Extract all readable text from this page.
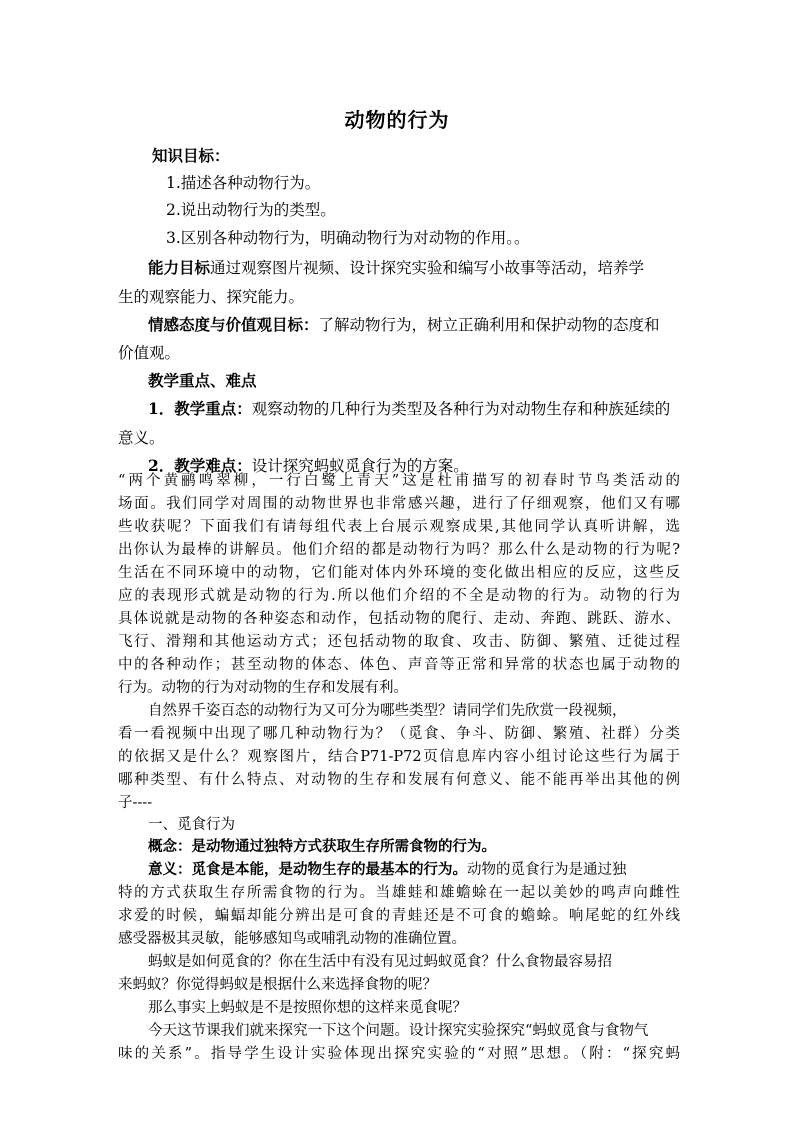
动物的行为
知识目标：
1.描述各种动物行为。
2.说出动物行为的类型。
3.区别各种动物行为，明确动物行为对动物的作用。。
能力目标通过观察图片视频、设计探究实验和编写小故事等活动，培养学
生的观察能力、探究能力。
情感态度与价值观目标：了解动物行为，树立正确利用和保护动物的态度和
价值观。
教学重点、难点
1．教学重点：观察动物的几种行为类型及各种行为对动物生存和种族延续的
意义。
2．教学难点：设计探究蚂蚁觅食行为的方案。
“两个黄鹂鸣翠柳，一行白鹭上青天”这是杜甫描写的初春时节鸟类活动的
场面。我们同学对周围的动物世界也非常感兴趣，进行了仔细观察，他们又有哪
些收获呢？下面我们有请每组代表上台展示观察成果,其他同学认真听讲解，选
出你认为最棒的讲解员。他们介绍的都是动物行为吗？那么什么是动物的行为呢?
生活在不同环境中的动物，它们能对体内外环境的变化做出相应的反应，这些反
应的表现形式就是动物的行为.所以他们介绍的不全是动物的行为。动物的行为
具体说就是动物的各种姿态和动作，包括动物的爬行、走动、奔跑、跳跃、游水、
飞行、滑翔和其他运动方式；还包括动物的取食、攻击、防御、繁殖、迁徙过程
中的各种动作；甚至动物的体态、体色、声音等正常和异常的状态也属于动物的
行为。动物的行为对动物的生存和发展有利。
自然界千姿百态的动物行为又可分为哪些类型？请同学们先欣赏一段视频，
看一看视频中出现了哪几种动物行为？（觅食、争斗、防御、繁殖、社群）分类
的依据又是什么？观察图片，结合P71-P72页信息库内容小组讨论这些行为属于
哪种类型、有什么特点、对动物的生存和发展有何意义、能不能再举出其他的例
子----
一、觅食行为
概念：是动物通过独特方式获取生存所需食物的行为。
意义：觅食是本能，是动物生存的最基本的行为。动物的觅食行为是通过独
特的方式获取生存所需食物的行为。当雄蛙和雄蟾蜍在一起以美妙的鸣声向雌性
求爱的时候，蝙蝠却能分辨出是可食的青蛙还是不可食的蟾蜍。响尾蛇的红外线
感受器极其灵敏，能够感知鸟或哺乳动物的准确位置。
蚂蚁是如何觅食的？你在生活中有没有见过蚂蚁觅食？什么食物最容易招
来蚂蚁？你觉得蚂蚁是根据什么来选择食物的呢？
那么事实上蚂蚁是不是按照你想的这样来觅食呢？
今天这节课我们就来探究一下这个问题。设计探究实验探究“蚂蚁觅食与食物气
味的关系”。指导学生设计实验体现出探究实验的“对照”思想。（附：“探究蚂
